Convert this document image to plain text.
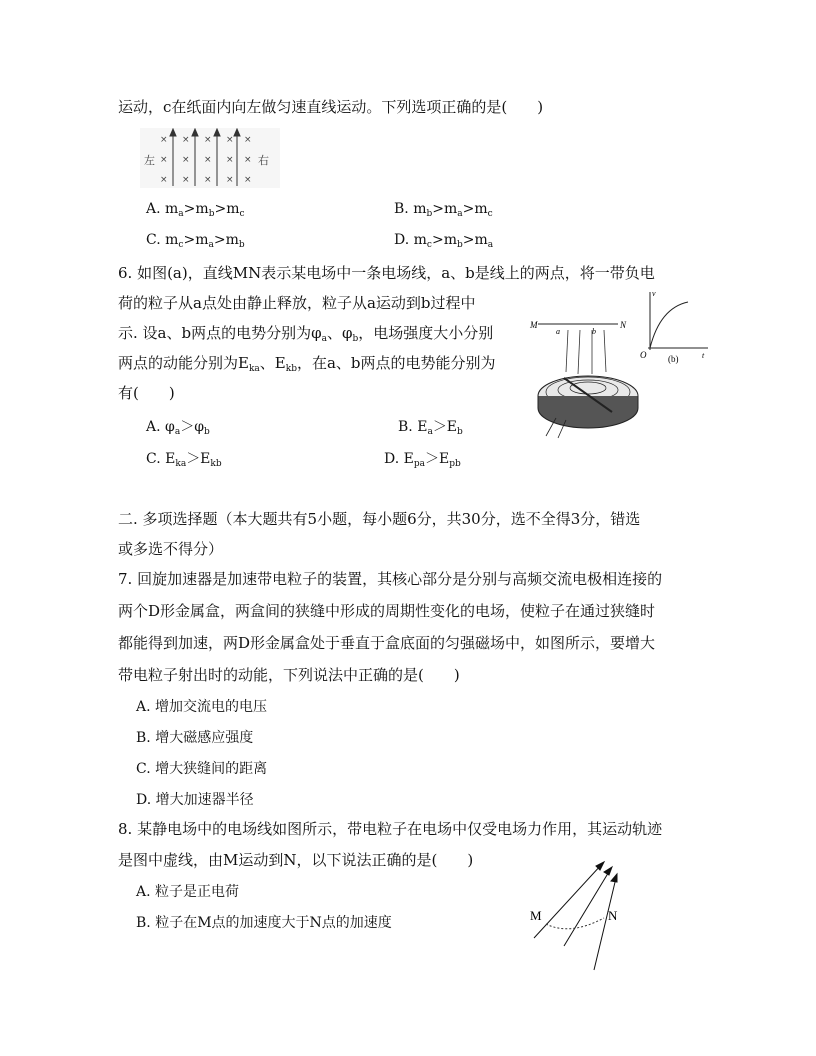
运动，c在纸面内向左做匀速直线运动。下列选项正确的是(　　)
左	右
× × × × ×
× × × × ×
× × × × ×
A. $m_a>m_b>m_c$	B. $m_b>m_a>m_c$
C. $m_c>m_a>m_b$	D. $m_c>m_b>m_a$
6. 如图(a)，直线MN表示某电场中一条电场线，a、b是线上的两点，将一带负电
荷的粒子从a点处由静止释放，粒子从a运动到b过程中
示. 设a、b两点的电势分别为$\varphi_a$、$\varphi_b$，电场强度大小分别
两点的动能分别为$E_{ka}$、$E_{kb}$，在a、b两点的电势能分别为
有(　　)
M	N
a	b
v
O	t
(b)
A. $\varphi_a>\varphi_b$	B. $E_a>E_b$
C. $E_{ka}>E_{kb}$	D. $E_{pa}>E_{pb}$
二. 多项选择题（本大题共有5小题，每小题6分，共30分，选不全得3分，错选
或多选不得分）
7. 回旋加速器是加速带电粒子的装置，其核心部分是分别与高频交流电极相连接的
两个D形金属盒，两盒间的狭缝中形成的周期性变化的电场，使粒子在通过狭缝时
都能得到加速，两D形金属盒处于垂直于盒底面的匀强磁场中，如图所示，要增大
带电粒子射出时的动能，下列说法中正确的是(　　)
A. 增加交流电的电压
B. 增大磁感应强度
C. 增大狭缝间的距离
D. 增大加速器半径
8. 某静电场中的电场线如图所示，带电粒子在电场中仅受电场力作用，其运动轨迹
是图中虚线，由M运动到N，以下说法正确的是(　　)
A. 粒子是正电荷
B. 粒子在M点的加速度大于N点的加速度	M	N
